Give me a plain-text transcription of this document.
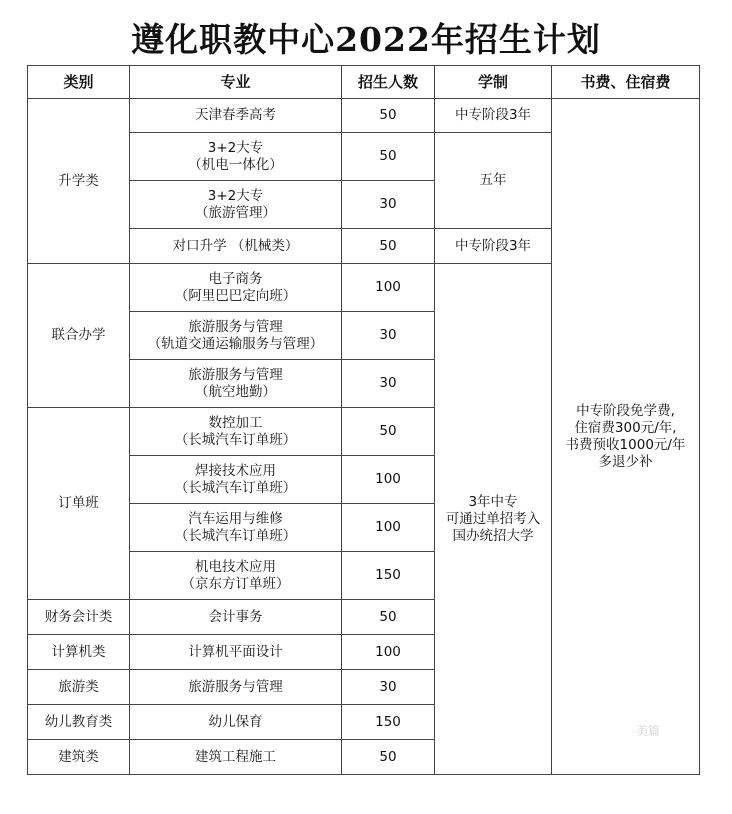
遵化职教中心2022年招生计划
类别	专业	招生人数	学制	书费、住宿费
升学类	天津春季高考	50	中专阶段3年	中专阶段免学费,
住宿费300元/年,
书费预收1000元/年
多退少补

	3+2大专
（机电一体化）	50	五年	

	3+2大专
（旅游管理）	30		

	对口升学 （机械类）	50	中专阶段3年	
联合办学	电子商务
（阿里巴巴定向班）	100	3年中专
可通过单招考入
国办统招大学	

	旅游服务与管理
（轨道交通运输服务与管理）	30		

	旅游服务与管理
（航空地勤）	30		
订单班	数控加工
（长城汽车订单班）	50		

	焊接技术应用
（长城汽车订单班）	100		

	汽车运用与维修
（长城汽车订单班）	100		

	机电技术应用
（京东方订单班）	150		
财务会计类	会计事务	50		
计算机类	计算机平面设计	100		
旅游类	旅游服务与管理	30		
幼儿教育类	幼儿保育	150		
建筑类	建筑工程施工	50		
美篇
